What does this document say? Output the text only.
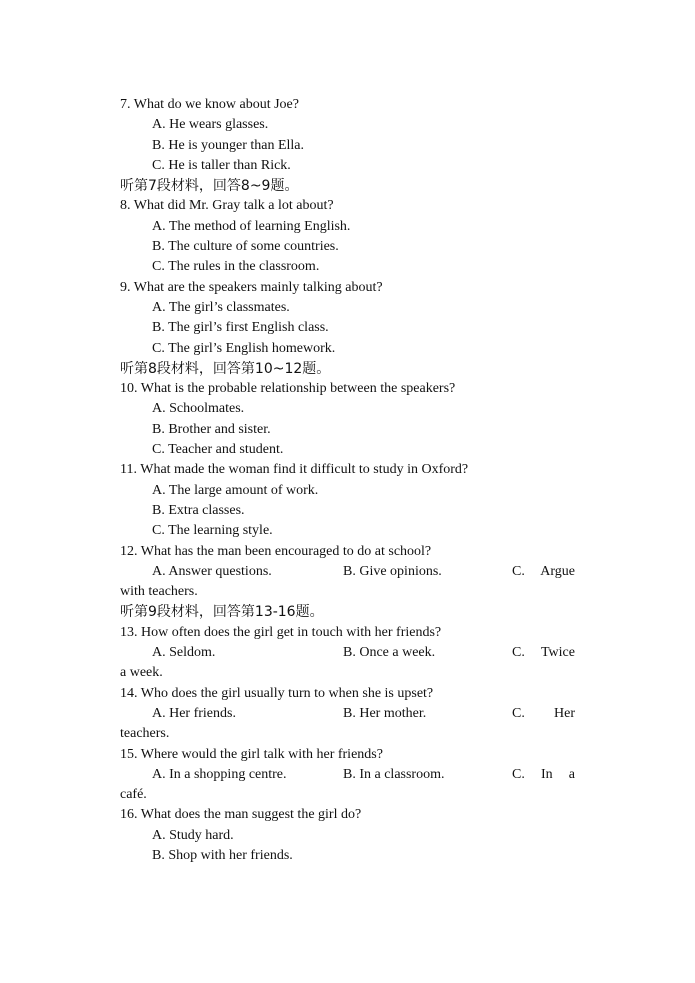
7. What do we know about Joe?
A. He wears glasses.
B. He is younger than Ella.
C. He is taller than Rick.
听第7段材料，回答8~9题。
8. What did Mr. Gray talk a lot about?
A. The method of learning English.
B. The culture of some countries.
C. The rules in the classroom.
9. What are the speakers mainly talking about?
A. The girl’s classmates.
B. The girl’s first English class.
C. The girl’s English homework.
听第8段材料，回答第10~12题。
10. What is the probable relationship between the speakers?
A. Schoolmates.
B. Brother and sister.
C. Teacher and student.
11. What made the woman find it difficult to study in Oxford?
A. The large amount of work.
B. Extra classes.
C. The learning style.
12. What has the man been encouraged to do at school?
A. Answer questions.	B. Give opinions.	C. Argue
with teachers.
听第9段材料，回答第13-16题。
13. How often does the girl get in touch with her friends?
A. Seldom.	B. Once a week.	C. Twice
a week.
14. Who does the girl usually turn to when she is upset?
A. Her friends.	B. Her mother.	C. Her
teachers.
15. Where would the girl talk with her friends?
A. In a shopping centre.	B. In a classroom.	C. In a
café.
16. What does the man suggest the girl do?
A. Study hard.
B. Shop with her friends.
